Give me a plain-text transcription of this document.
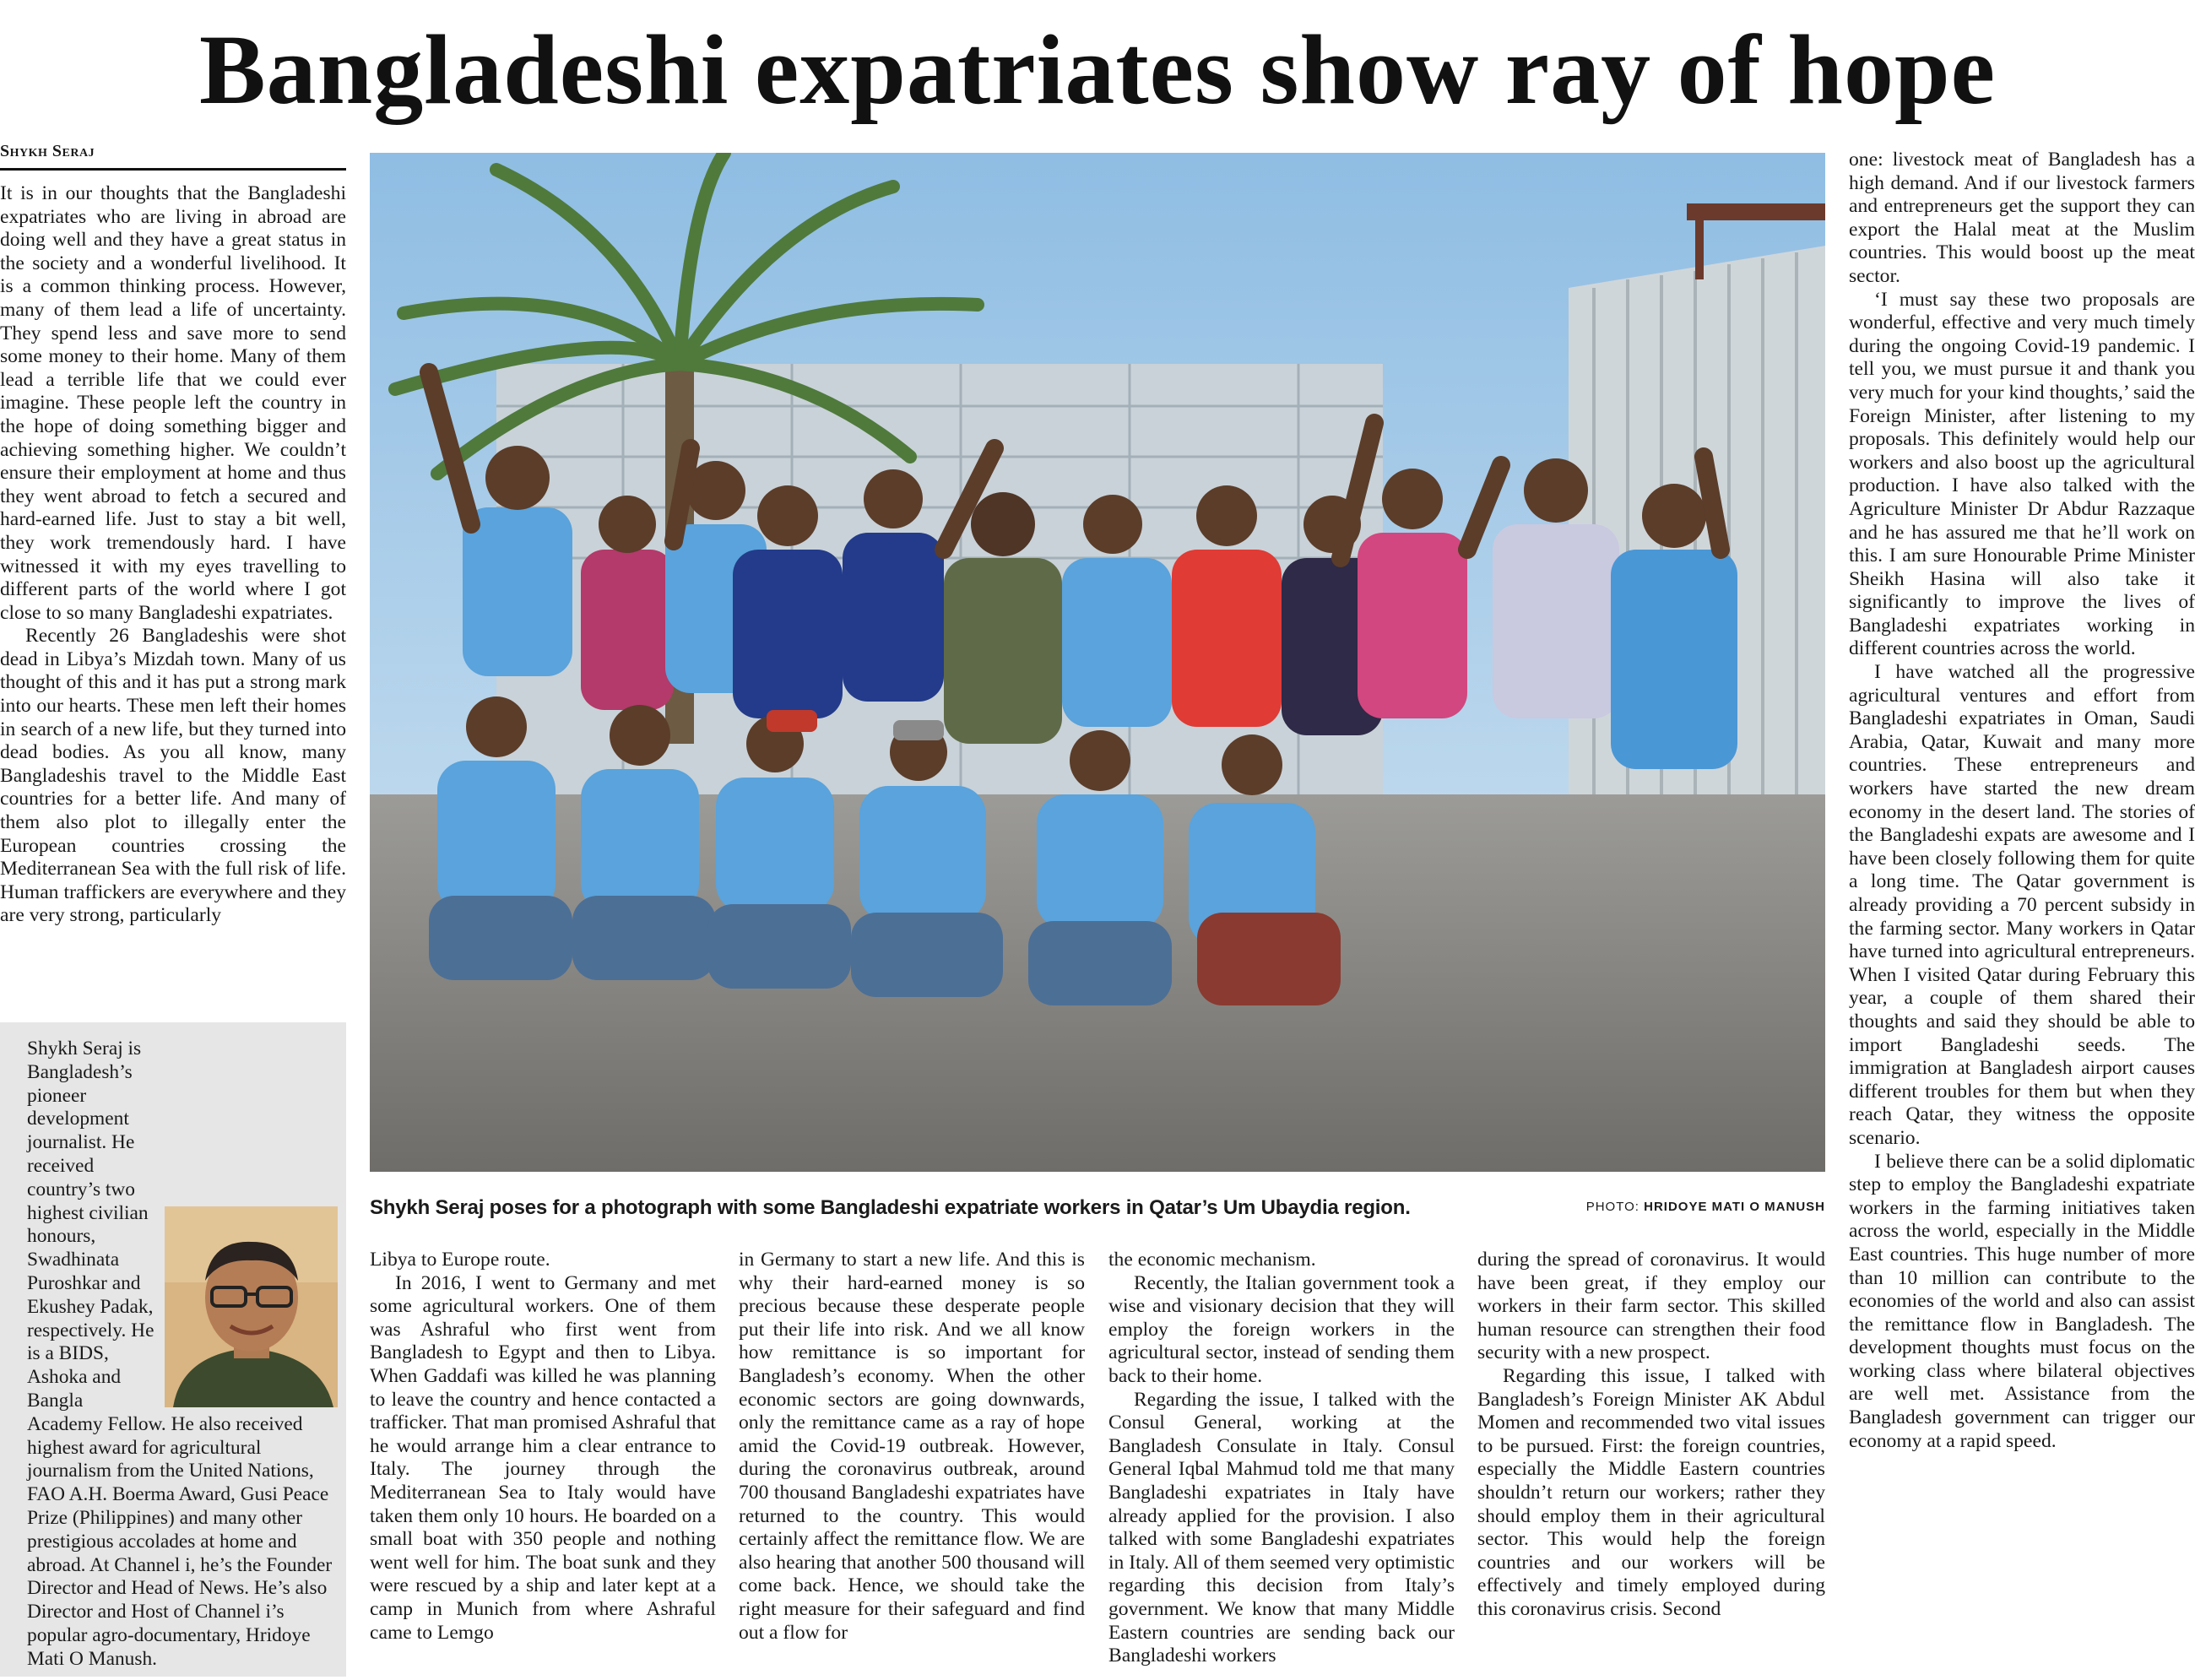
Bangladeshi expatriates show ray of hope
Shykh Seraj

It is in our thoughts that the Bangladeshi expatriates who are living in abroad are doing well and they have a great status in the society and a wonderful livelihood. It is a common thinking process. However, many of them lead a life of uncertainty. They spend less and save more to send some money to their home. Many of them lead a terrible life that we could ever imagine. These people left the country in the hope of doing something bigger and achieving something higher. We couldn’t ensure their employment at home and thus they went abroad to fetch a secured and hard-earned life. Just to stay a bit well, they work tremendously hard. I have witnessed it with my eyes travelling to different parts of the world where I got close to so many Bangladeshi expatriates.

Recently 26 Bangladeshis were shot dead in Libya’s Mizdah town. Many of us thought of this and it has put a strong mark into our hearts. These men left their homes in search of a new life, but they turned into dead bodies. As you all know, many Bangladeshis travel to the Middle East countries for a better life. And many of them also plot to illegally enter the European countries crossing the Mediterranean Sea with the full risk of life. Human traffickers are everywhere and they are very strong, particularly

Shykh Seraj poses for a photograph with some Bangladeshi expatriate workers in Qatar’s Um Ubaydia region.	PHOTO: HRIDOYE MATI O MANUSH

Libya to Europe route.

In 2016, I went to Germany and met some agricultural workers. One of them was Ashraful who first went from Bangladesh to Egypt and then to Libya. When Gaddafi was killed he was planning to leave the country and hence contacted a trafficker. That man promised Ashraful that he would arrange him a clear entrance to Italy. The journey through the Mediterranean Sea to Italy would have taken them only 10 hours. He boarded on a small boat with 350 people and nothing went well for him. The boat sunk and they were rescued by a ship and later kept at a camp in Munich from where Ashraful came to Lemgo

in Germany to start a new life. And this is why their hard-earned money is so precious because these desperate people put their life into risk. And we all know how remittance is so important for Bangladesh’s economy. When the other economic sectors are going downwards, only the remittance came as a ray of hope amid the Covid-19 outbreak. However, during the coronavirus outbreak, around 700 thousand Bangladeshi expatriates have returned to the country. This would certainly affect the remittance flow. We are also hearing that another 500 thousand will come back. Hence, we should take the right measure for their safeguard and find out a flow for

the economic mechanism.

Recently, the Italian government took a wise and visionary decision that they will employ the foreign workers in the agricultural sector, instead of sending them back to their home.

Regarding the issue, I talked with the Consul General, working at the Bangladesh Consulate in Italy. Consul General Iqbal Mahmud told me that many Bangladeshi expatriates in Italy have already applied for the provision. I also talked with some Bangladeshi expatriates in Italy. All of them seemed very optimistic regarding this decision from Italy’s government. We know that many Middle Eastern countries are sending back our Bangladeshi workers

during the spread of coronavirus. It would have been great, if they employ our workers in their farm sector. This skilled human resource can strengthen their food security with a new prospect.

Regarding this issue, I talked with Bangladesh’s Foreign Minister AK Abdul Momen and recommended two vital issues to be pursued. First: the foreign countries, especially the Middle Eastern countries shouldn’t return our workers; rather they should employ them in their agricultural sector. This would help the foreign countries and our workers will be effectively and timely employed during this coronavirus crisis. Second

one: livestock meat of Bangladesh has a high demand. And if our livestock farmers and entrepreneurs get the support they can export the Halal meat at the Muslim countries. This would boost up the meat sector.

‘I must say these two proposals are wonderful, effective and very much timely during the ongoing Covid-19 pandemic. I tell you, we must pursue it and thank you very much for your kind thoughts,’ said the Foreign Minister, after listening to my proposals. This definitely would help our workers and also boost up the agricultural production. I have also talked with the Agriculture Minister Dr Abdur Razzaque and he has assured me that he’ll work on this. I am sure Honourable Prime Minister Sheikh Hasina will also take it significantly to improve the lives of Bangladeshi expatriates working in different countries across the world.

I have watched all the progressive agricultural ventures and effort from Bangladeshi expatriates in Oman, Saudi Arabia, Qatar, Kuwait and many more countries. These entrepreneurs and workers have started the new dream economy in the desert land. The stories of the Bangladeshi expats are awesome and I have been closely following them for quite a long time. The Qatar government is already providing a 70 percent subsidy in the farming sector. Many workers in Qatar have turned into agricultural entrepreneurs. When I visited Qatar during February this year, a couple of them shared their thoughts and said they should be able to import Bangladeshi seeds. The immigration at Bangladesh airport causes different troubles for them but when they reach Qatar, they witness the opposite scenario.

I believe there can be a solid diplomatic step to employ the Bangladeshi expatriate workers in the farming initiatives taken across the world, especially in the Middle East countries. This huge number of more than 10 million can contribute to the economies of the world and also can assist the remittance flow in Bangladesh. The development thoughts must focus on the working class where bilateral objectives are well met. Assistance from the Bangladesh government can trigger our economy at a rapid speed.

Shykh Seraj is Bangladesh’s pioneer development journalist. He received country’s two highest civilian honours, Swadhinata Puroshkar and Ekushey Padak, respectively. He is a BIDS, Ashoka and Bangla Academy Fellow. He also received highest award for agricultural journalism from the United Nations, FAO A.H. Boerma Award, Gusi Peace Prize (Philippines) and many other prestigious accolades at home and abroad. At Channel i, he’s the Founder Director and Head of News. He’s also Director and Host of Channel i’s popular agro-documentary, Hridoye Mati O Manush.
